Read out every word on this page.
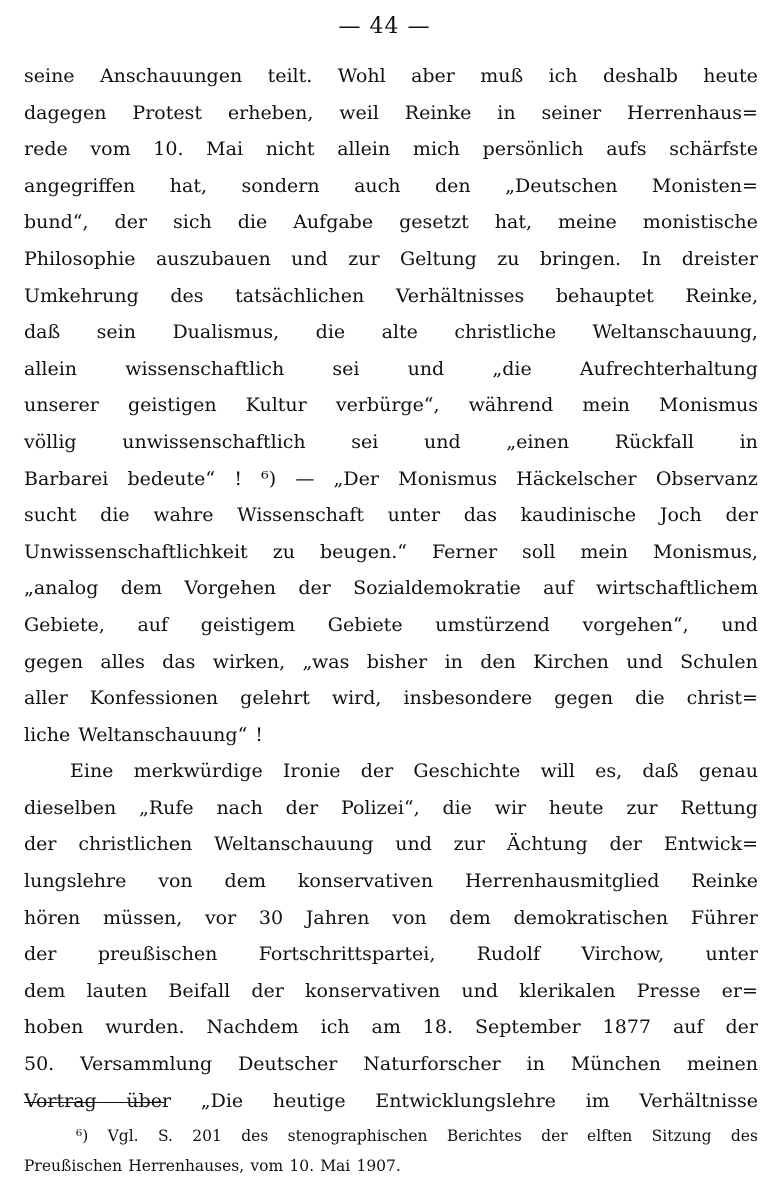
— 44 —
seine Anschauungen teilt. Wohl aber muß ich deshalb heute
dagegen Protest erheben, weil Reinke in seiner Herrenhaus=
rede vom 10. Mai nicht allein mich persönlich aufs schärfste
angegriffen hat, sondern auch den „Deutschen Monisten=
bund“, der sich die Aufgabe gesetzt hat, meine monistische
Philosophie auszubauen und zur Geltung zu bringen. In dreister
Umkehrung des tatsächlichen Verhältnisses behauptet Reinke,
daß sein Dualismus, die alte christliche Weltanschauung,
allein	wissenschaftlich	sei	und	„die	Aufrechterhaltung
unserer geistigen Kultur verbürge“, während mein Monismus
völlig unwissenschaftlich sei und „einen Rückfall in
Barbarei bedeute“ ! ⁶) — „Der Monismus Häckelscher Observanz
sucht die wahre Wissenschaft unter das kaudinische Joch der
Unwissenschaftlichkeit zu beugen.“ Ferner soll mein Monismus,
„analog dem Vorgehen der Sozialdemokratie auf wirtschaftlichem
Gebiete, auf geistigem Gebiete umstürzend vorgehen“, und
gegen alles das wirken, „was bisher in den Kirchen und Schulen
aller Konfessionen gelehrt wird, insbesondere gegen die christ=
liche Weltanschauung“ !
Eine merkwürdige Ironie der Geschichte will es, daß genau
dieselben „Rufe nach der Polizei“, die wir heute zur Rettung
der christlichen Weltanschauung und zur Ächtung der Entwick=
lungslehre von dem konservativen Herrenhausmitglied Reinke
hören müssen, vor 30 Jahren von dem demokratischen Führer
der preußischen Fortschrittspartei, Rudolf Virchow, unter
dem lauten Beifall der konservativen und klerikalen Presse er=
hoben wurden. Nachdem ich am 18. September 1877 auf der
50. Versammlung Deutscher Naturforscher in München meinen
Vortrag über „Die heutige Entwicklungslehre im Verhältnisse
⁶) Vgl. S. 201 des stenographischen Berichtes der elften Sitzung des
Preußischen Herrenhauses, vom 10. Mai 1907.
